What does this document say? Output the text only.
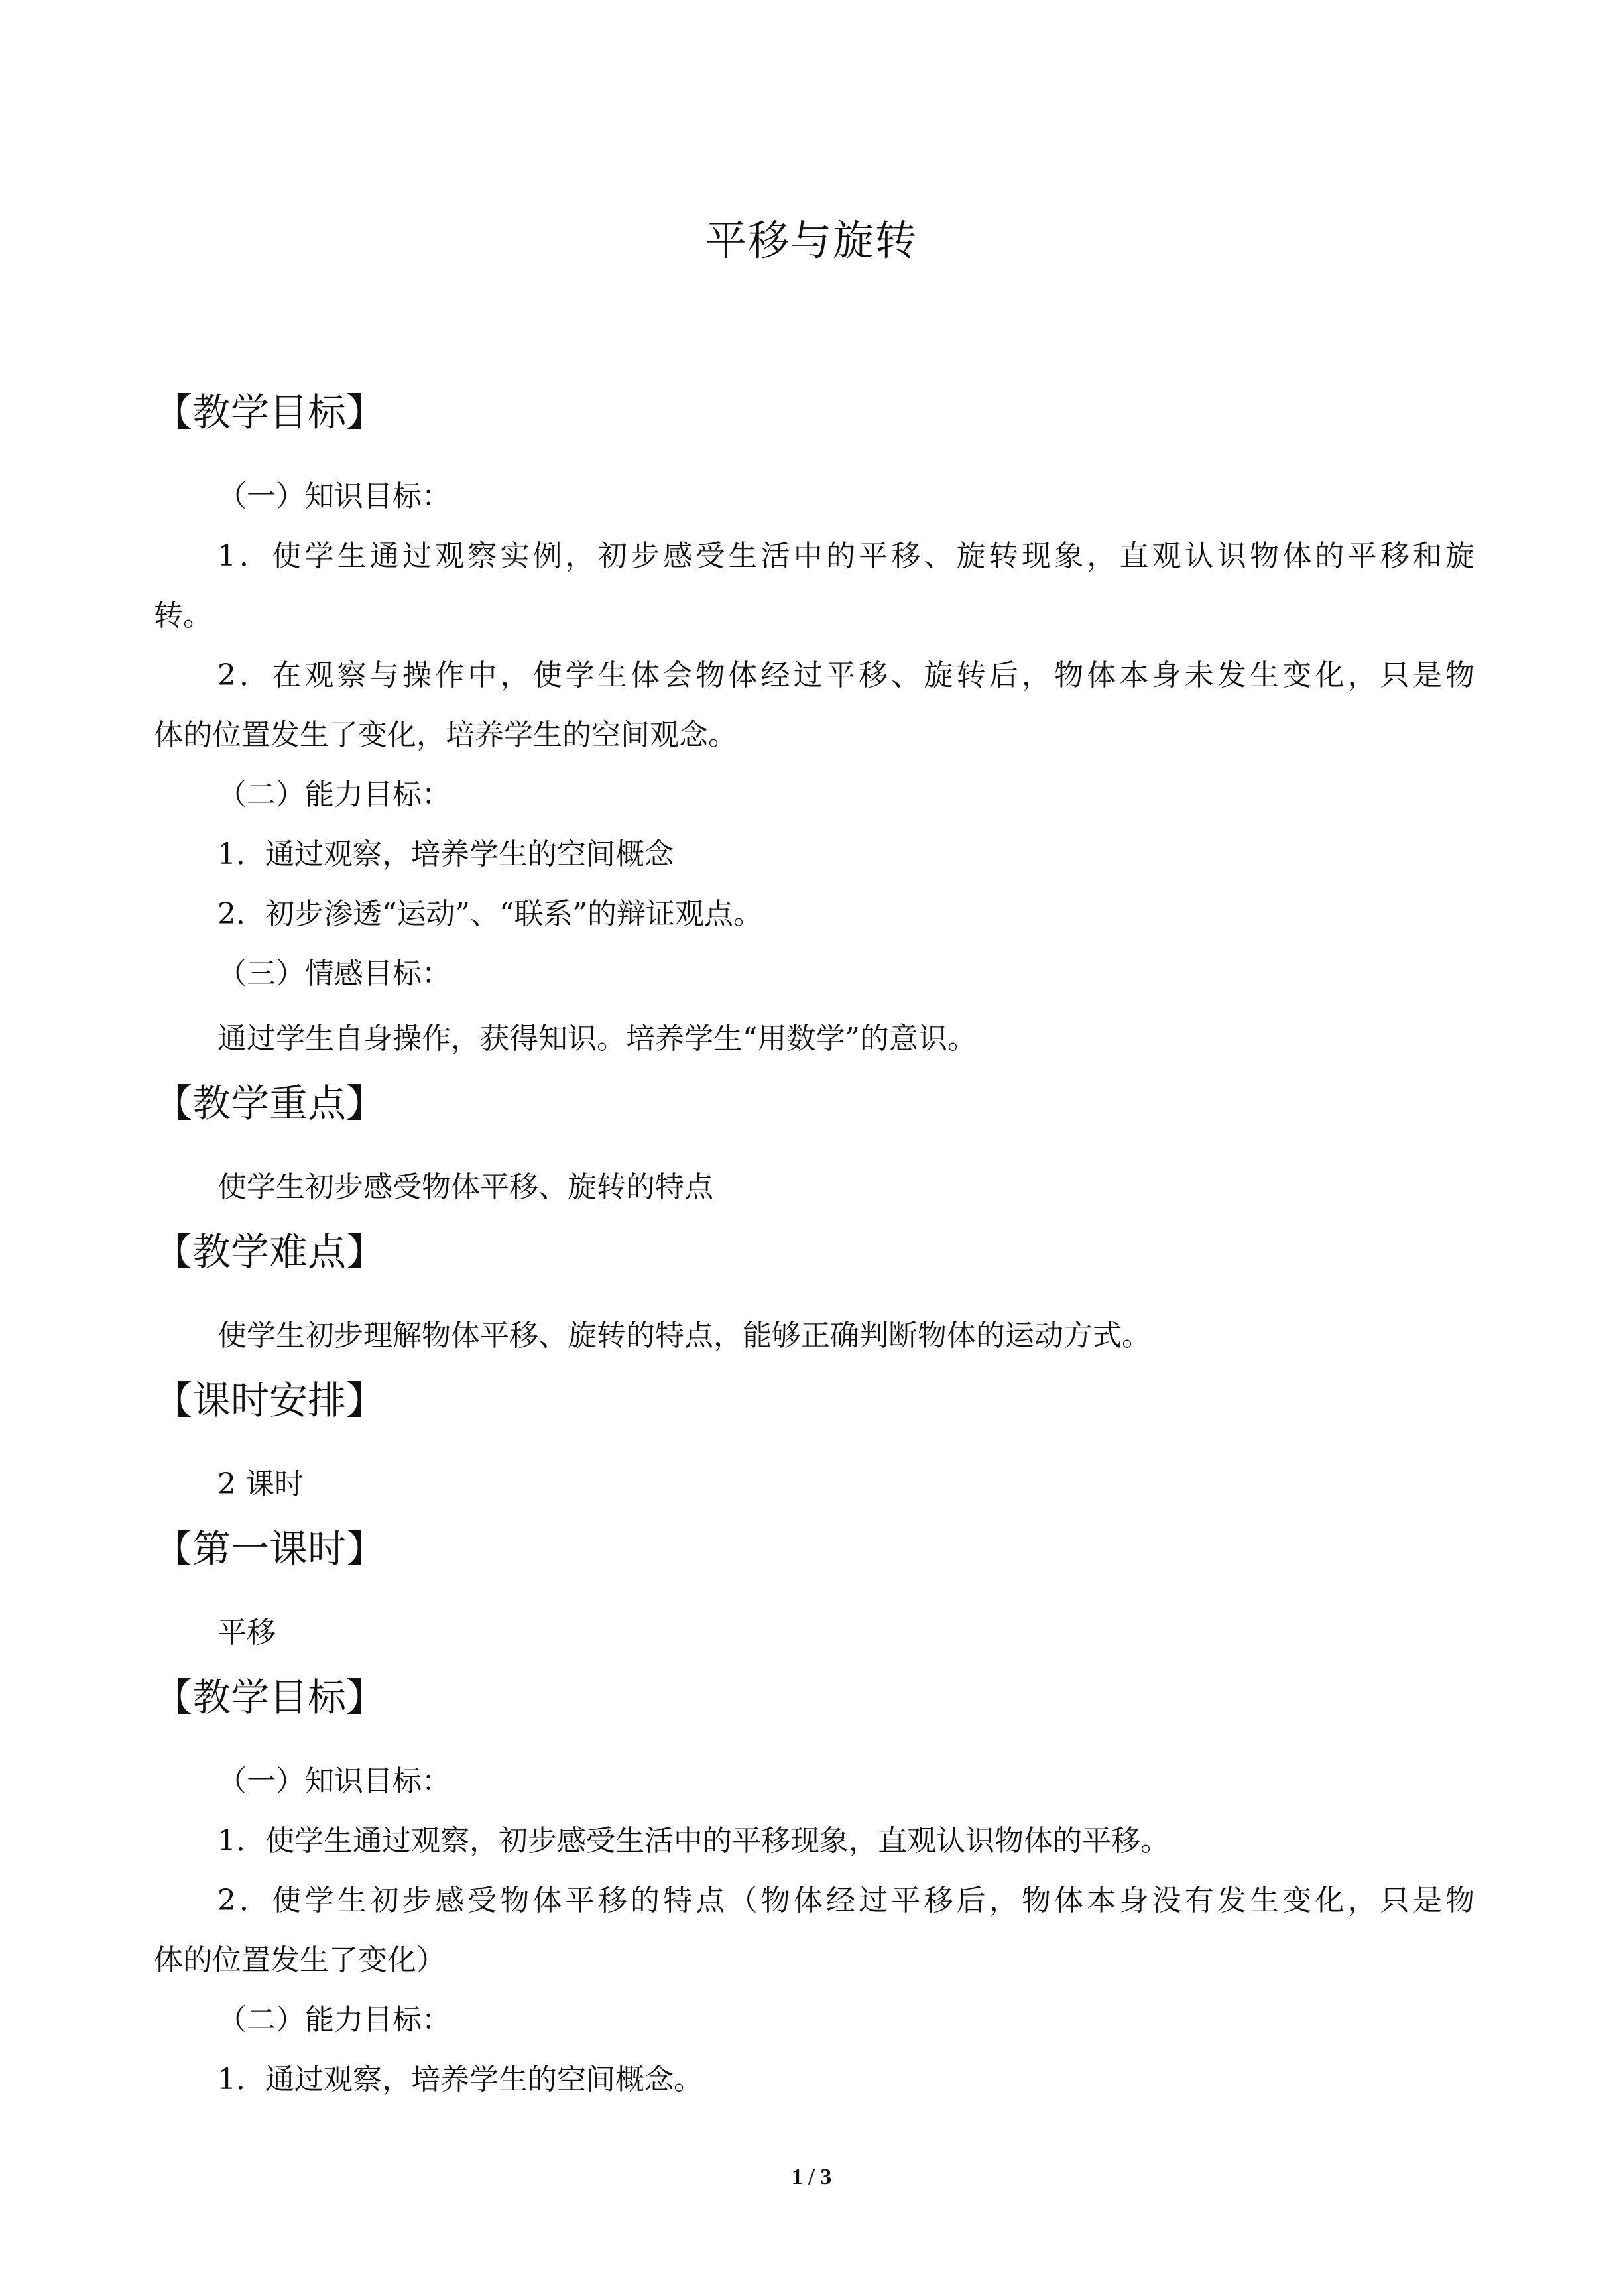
平移与旋转
【教学目标】
（一）知识目标：
1．使学生通过观察实例，初步感受生活中的平移、旋转现象，直观认识物体的平移和旋
转。
2．在观察与操作中，使学生体会物体经过平移、旋转后，物体本身未发生变化，只是物
体的位置发生了变化，培养学生的空间观念。
（二）能力目标：
1．通过观察，培养学生的空间概念
2．初步渗透“运动”、“联系”的辩证观点。
（三）情感目标：
通过学生自身操作，获得知识。培养学生“用数学”的意识。
【教学重点】
使学生初步感受物体平移、旋转的特点
【教学难点】
使学生初步理解物体平移、旋转的特点，能够正确判断物体的运动方式。
【课时安排】
2 课时
【第一课时】
平移
【教学目标】
（一）知识目标：
1．使学生通过观察，初步感受生活中的平移现象，直观认识物体的平移。
2．使学生初步感受物体平移的特点（物体经过平移后，物体本身没有发生变化，只是物
体的位置发生了变化）
（二）能力目标：
1．通过观察，培养学生的空间概念。
1 / 3
